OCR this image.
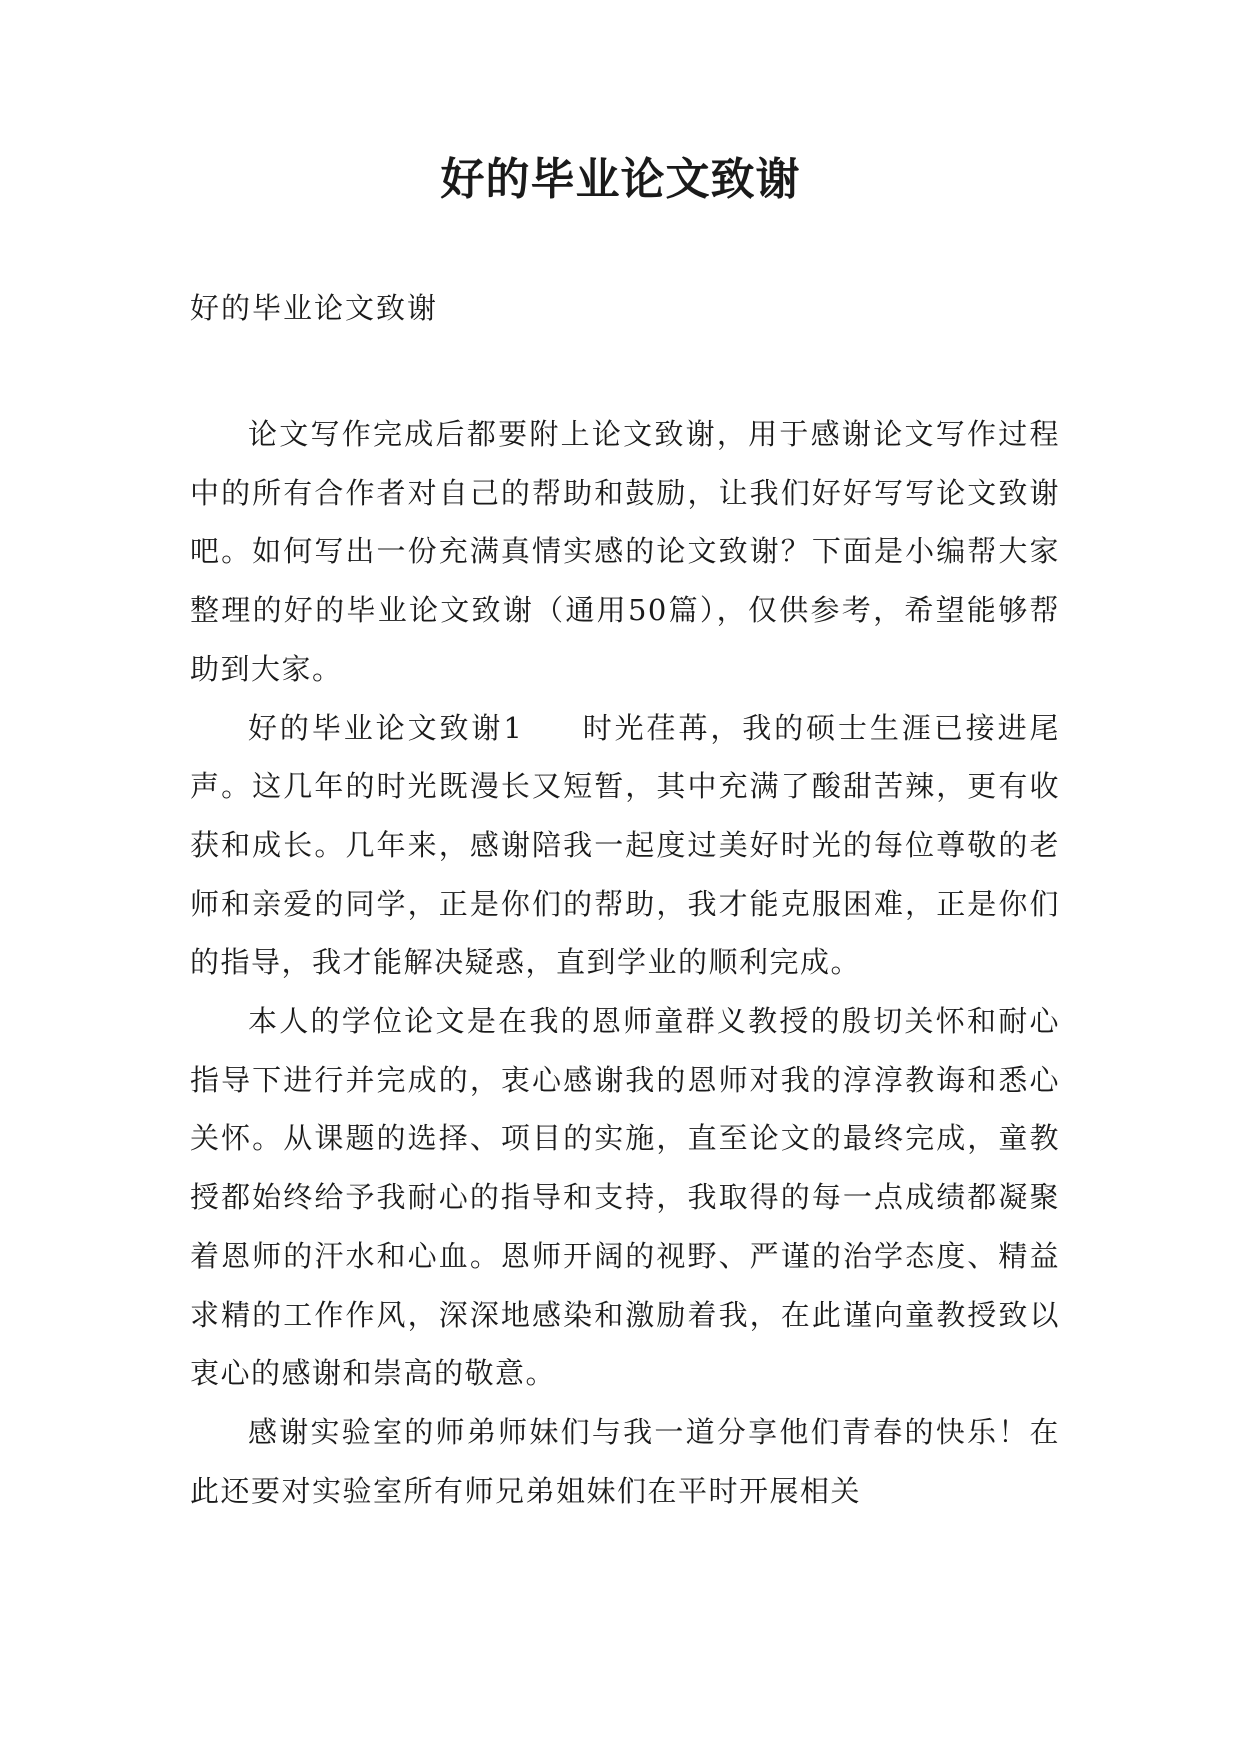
好的毕业论文致谢

好的毕业论文致谢

论文写作完成后都要附上论文致谢，用于感谢论文写作过程中的所有合作者对自己的帮助和鼓励，让我们好好写写论文致谢吧。如何写出一份充满真情实感的论文致谢？下面是小编帮大家整理的好的毕业论文致谢（通用50篇），仅供参考，希望能够帮助到大家。

好的毕业论文致谢1 时光荏苒，我的硕士生涯已接进尾声。这几年的时光既漫长又短暂，其中充满了酸甜苦辣，更有收获和成长。几年来，感谢陪我一起度过美好时光的每位尊敬的老师和亲爱的同学，正是你们的帮助，我才能克服困难，正是你们的指导，我才能解决疑惑，直到学业的顺利完成。

本人的学位论文是在我的恩师童群义教授的殷切关怀和耐心指导下进行并完成的，衷心感谢我的恩师对我的淳淳教诲和悉心关怀。从课题的选择、项目的实施，直至论文的最终完成，童教授都始终给予我耐心的指导和支持，我取得的每一点成绩都凝聚着恩师的汗水和心血。恩师开阔的视野、严谨的治学态度、精益求精的工作作风，深深地感染和激励着我，在此谨向童教授致以衷心的感谢和崇高的敬意。

感谢实验室的师弟师妹们与我一道分享他们青春的快乐！在此还要对实验室所有师兄弟姐妹们在平时开展相关
